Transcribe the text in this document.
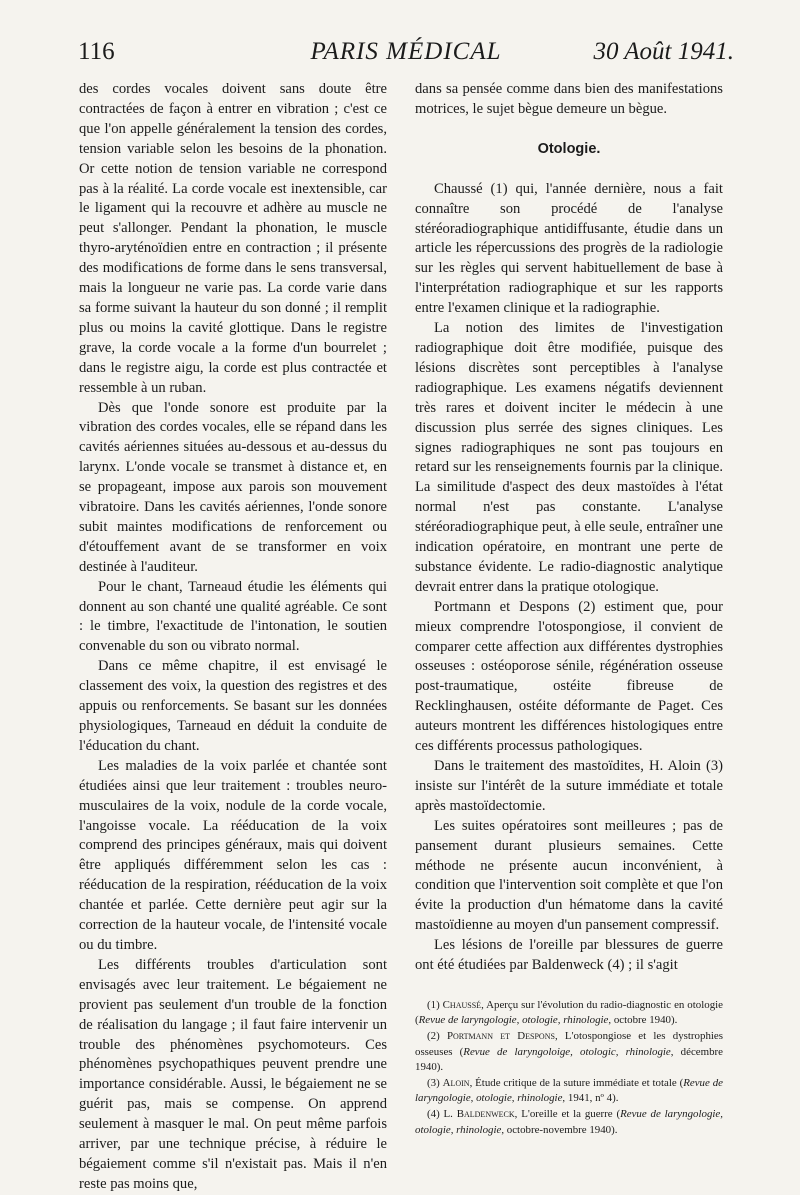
116	PARIS MÉDICAL	30 Août 1941.

des cordes vocales doivent sans doute être contractées de façon à entrer en vibration ; c'est ce que l'on appelle généralement la tension des cordes, tension variable selon les besoins de la phonation. Or cette notion de tension variable ne correspond pas à la réalité. La corde vocale est inextensible, car le ligament qui la recouvre et adhère au muscle ne peut s'allonger. Pendant la phonation, le muscle thyro-aryténoïdien entre en contraction ; il présente des modifications de forme dans le sens transversal, mais la longueur ne varie pas. La corde varie dans sa forme suivant la hauteur du son donné ; il remplit plus ou moins la cavité glottique. Dans le registre grave, la corde vocale a la forme d'un bourrelet ; dans le registre aigu, la corde est plus contractée et ressemble à un ruban.

Dès que l'onde sonore est produite par la vibration des cordes vocales, elle se répand dans les cavités aériennes situées au-dessous et au-dessus du larynx. L'onde vocale se transmet à distance et, en se propageant, impose aux parois son mouvement vibratoire. Dans les cavités aériennes, l'onde sonore subit maintes modifications de renforcement ou d'étouffement avant de se transformer en voix destinée à l'auditeur.

Pour le chant, Tarneaud étudie les éléments qui donnent au son chanté une qualité agréable. Ce sont : le timbre, l'exactitude de l'intonation, le soutien convenable du son ou vibrato normal.

Dans ce même chapitre, il est envisagé le classement des voix, la question des registres et des appuis ou renforcements. Se basant sur les données physiologiques, Tarneaud en déduit la conduite de l'éducation du chant.

Les maladies de la voix parlée et chantée sont étudiées ainsi que leur traitement : troubles neuro-musculaires de la voix, nodule de la corde vocale, l'angoisse vocale. La rééducation de la voix comprend des principes généraux, mais qui doivent être appliqués différemment selon les cas : rééducation de la respiration, rééducation de la voix chantée et parlée. Cette dernière peut agir sur la correction de la hauteur vocale, de l'intensité vocale ou du timbre.

Les différents troubles d'articulation sont envisagés avec leur traitement. Le bégaiement ne provient pas seulement d'un trouble de la fonction de réalisation du langage ; il faut faire intervenir un trouble des phénomènes psychomoteurs. Ces phénomènes psychopathiques peuvent prendre une importance considérable. Aussi, le bégaiement ne se guérit pas, mais se compense. On apprend seulement à masquer le mal. On peut même parfois arriver, par une technique précise, à réduire le bégaiement comme s'il n'existait pas. Mais il n'en reste pas moins que,

dans sa pensée comme dans bien des manifestations motrices, le sujet bègue demeure un bègue.

Otologie.

Chaussé (1) qui, l'année dernière, nous a fait connaître son procédé de l'analyse stéréoradiographique antidiffusante, étudie dans un article les répercussions des progrès de la radiologie sur les règles qui servent habituellement de base à l'interprétation radiographique et sur les rapports entre l'examen clinique et la radiographie.

La notion des limites de l'investigation radiographique doit être modifiée, puisque des lésions discrètes sont perceptibles à l'analyse radiographique. Les examens négatifs deviennent très rares et doivent inciter le médecin à une discussion plus serrée des signes cliniques. Les signes radiographiques ne sont pas toujours en retard sur les renseignements fournis par la clinique. La similitude d'aspect des deux mastoïdes à l'état normal n'est pas constante. L'analyse stéréoradiographique peut, à elle seule, entraîner une indication opératoire, en montrant une perte de substance évidente. Le radio-diagnostic analytique devrait entrer dans la pratique otologique.

Portmann et Despons (2) estiment que, pour mieux comprendre l'otospongiose, il convient de comparer cette affection aux différentes dystrophies osseuses : ostéoporose sénile, régénération osseuse post-traumatique, ostéite fibreuse de Recklinghausen, ostéite déformante de Paget. Ces auteurs montrent les différences histologiques entre ces différents processus pathologiques.

Dans le traitement des mastoïdites, H. Aloin (3) insiste sur l'intérêt de la suture immédiate et totale après mastoïdectomie.

Les suites opératoires sont meilleures ; pas de pansement durant plusieurs semaines. Cette méthode ne présente aucun inconvénient, à condition que l'intervention soit complète et que l'on évite la production d'un hématome dans la cavité mastoïdienne au moyen d'un pansement compressif.

Les lésions de l'oreille par blessures de guerre ont été étudiées par Baldenweck (4) ; il s'agit

(1) Chaussé, Aperçu sur l'évolution du radio-diagnostic en otologie (Revue de laryngologie, otologie, rhinologie, octobre 1940).

(2) Portmann et Despons, L'otospongiose et les dystrophies osseuses (Revue de laryngoloige, otologic, rhinologie, décembre 1940).

(3) Aloin, Étude critique de la suture immédiate et totale (Revue de laryngologie, otologie, rhinologie, 1941, nº 4).

(4) L. Baldenweck, L'oreille et la guerre (Revue de laryngologie, otologie, rhinologie, octobre-novembre 1940).
